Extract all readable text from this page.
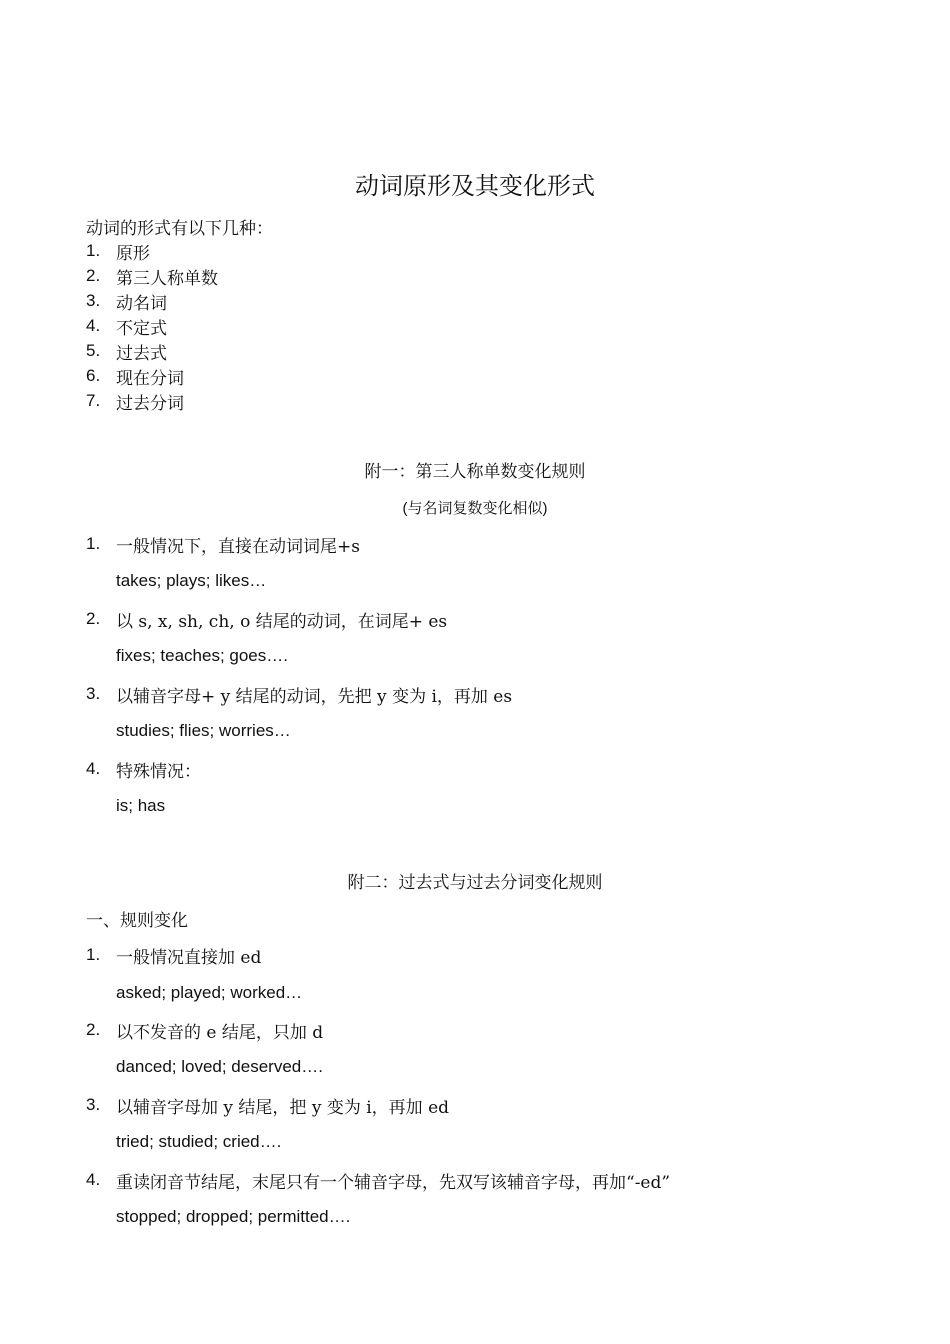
动词原形及其变化形式
动词的形式有以下几种：
1. 原形
2. 第三人称单数
3. 动名词
4. 不定式
5. 过去式
6. 现在分词
7. 过去分词
附一：第三人称单数变化规则
(与名词复数变化相似)
1. 一般情况下，直接在动词词尾+s
takes; plays; likes…
2. 以 s, x, sh, ch, o 结尾的动词，在词尾+ es
fixes; teaches; goes….
3. 以辅音字母+ y 结尾的动词，先把 y 变为 i，再加 es
studies; flies; worries…
4. 特殊情况：
is; has
附二：过去式与过去分词变化规则
一、规则变化
1. 一般情况直接加 ed
asked; played; worked…
2. 以不发音的 e 结尾，只加 d
danced; loved; deserved….
3. 以辅音字母加 y 结尾，把 y 变为 i，再加 ed
tried; studied; cried….
4. 重读闭音节结尾，末尾只有一个辅音字母，先双写该辅音字母，再加“-ed”
stopped; dropped; permitted….
